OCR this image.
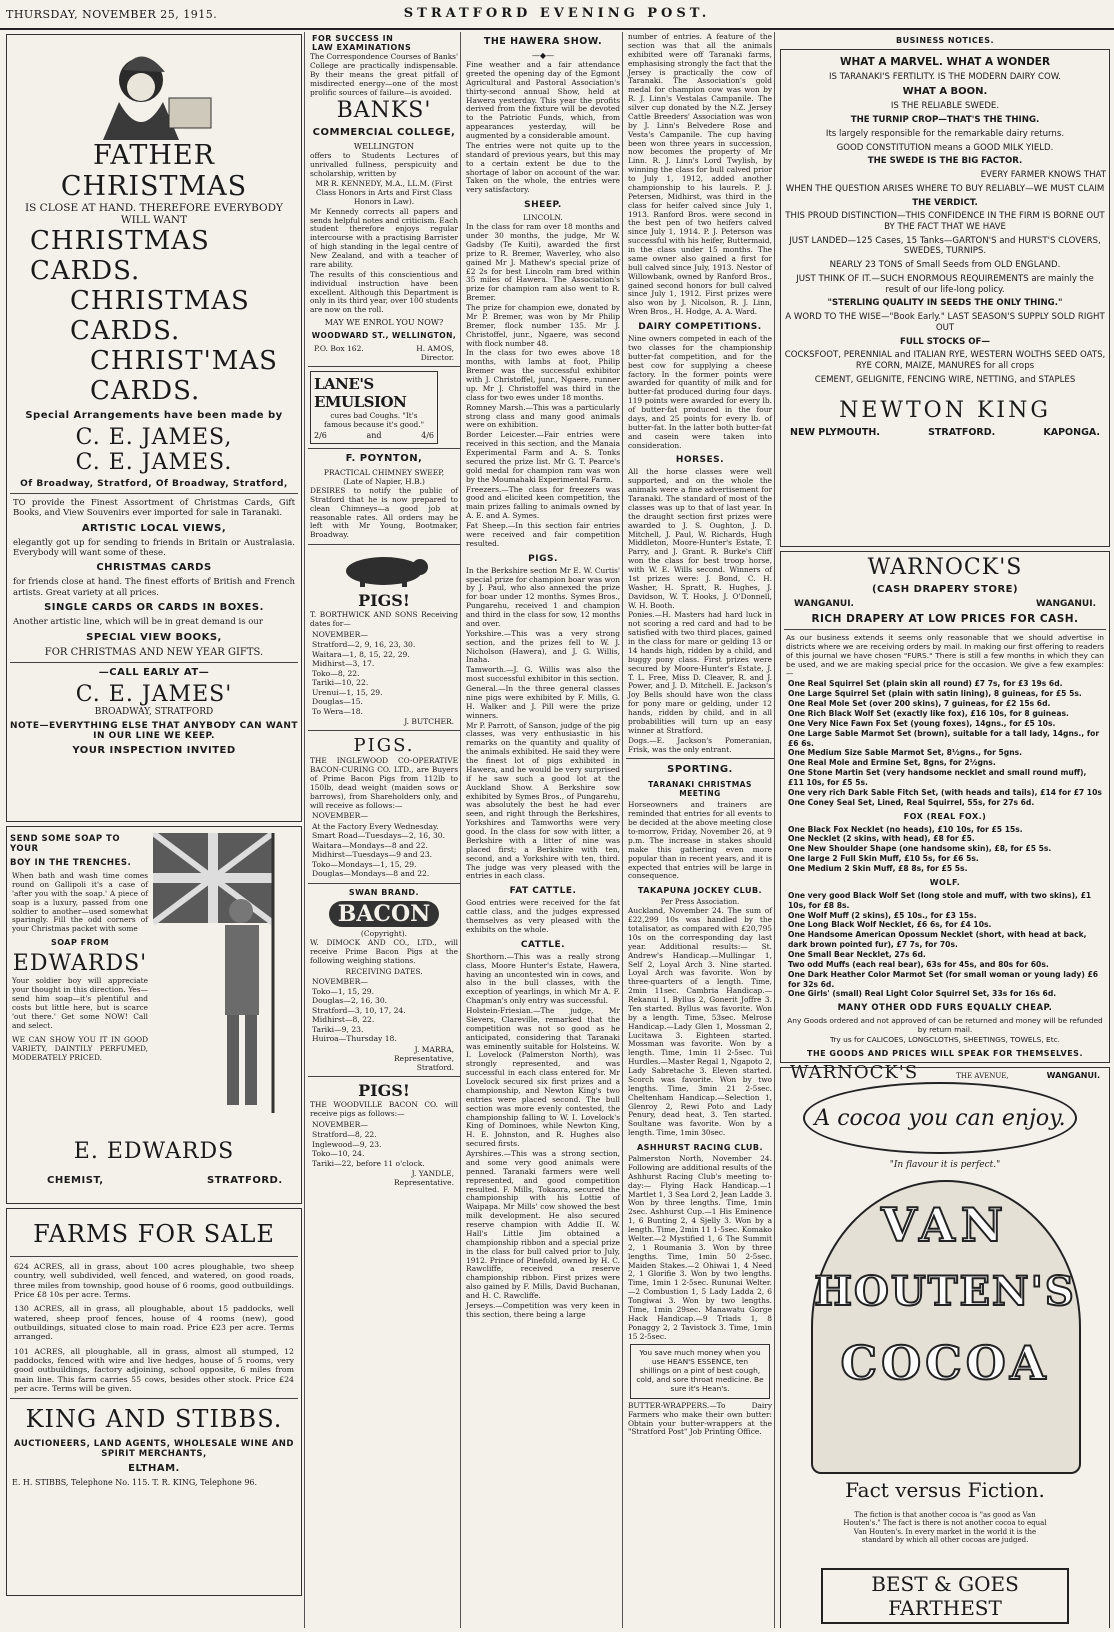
THURSDAY, NOVEMBER 25, 1915.	STRATFORD EVENING POST.
FATHER CHRISTMAS
IS CLOSE AT HAND. THEREFORE EVERYBODY
WILL WANT
CHRISTMAS CARDS.
CHRISTMAS CARDS.
CHRIST'MAS CARDS.
Special Arrangements have been made by
C. E. JAMES,
C. E. JAMES.
Of Broadway, Stratford, Of Broadway, Stratford,
TO provide the Finest Assortment of Christmas Cards, Gift Books, and View Souvenirs ever imported for sale in Taranaki.
ARTISTIC LOCAL VIEWS,
elegantly got up for sending to friends in Britain or Australasia. Everybody will want some of these.
CHRISTMAS CARDS
for friends close at hand. The finest efforts of British and French artists. Great variety at all prices.
SINGLE CARDS OR CARDS IN BOXES.
Another artistic line, which will be in great demand is our
SPECIAL VIEW BOOKS,
FOR CHRISTMAS AND NEW YEAR GIFTS.
—CALL EARLY AT—
C. E. JAMES'
BROADWAY, STRATFORD
NOTE—EVERYTHING ELSE THAT ANYBODY CAN WANT IN OUR LINE WE KEEP.
YOUR INSPECTION INVITED
SEND SOME SOAP TO YOUR
BOY IN THE TRENCHES.
When bath and wash time comes round on Gallipoli it's a case of 'after you with the soap.' A piece of soap is a luxury, passed from one soldier to another—used somewhat sparingly. Fill the odd corners of your Christmas packet with some
SOAP FROM
EDWARDS'
Your soldier boy will appreciate your thought in this direction. Yes—send him soap—it's plentiful and costs but little here, but is scarce 'out there.' Get some NOW! Call and select.
WE CAN SHOW YOU IT IN GOOD VARIETY, DAINTILY PERFUMED, MODERATELY PRICED.
E. EDWARDS
CHEMIST,	STRATFORD.
FARMS FOR SALE
624 ACRES, all in grass, about 100 acres ploughable, two sheep country, well subdivided, well fenced, and watered, on good roads, three miles from township, good house of 6 rooms, good outbuildings. Price £8 10s per acre. Terms.
130 ACRES, all in grass, all ploughable, about 15 paddocks, well watered, sheep proof fences, house of 4 rooms (new), good outbuildings, situated close to main road. Price £23 per acre. Terms arranged.
101 ACRES, all ploughable, all in grass, almost all stumped, 12 paddocks, fenced with wire and live hedges, house of 5 rooms, very good outbuildings, factory adjoining, school opposite, 6 miles from main line. This farm carries 55 cows, besides other stock. Price £24 per acre. Terms will be given.
KING AND STIBBS.
AUCTIONEERS, LAND AGENTS, WHOLESALE WINE AND SPIRIT MERCHANTS,
ELTHAM.
E. H. STIBBS, Telephone No. 115. T. R. KING, Telephone 96.
FOR SUCCESS IN
LAW EXAMINATIONS
The Correspondence Courses of Banks' College are practically indispensable. By their means the great pitfall of misdirected energy—one of the most prolific sources of failure—is avoided.
BANKS'
COMMERCIAL COLLEGE,
WELLINGTON
offers to Students Lectures of unrivalled fullness, perspicuity and scholarship, written by
MR R. KENNEDY, M.A., LL.M. (First Class Honors in Arts and First Class Honors in Law).
Mr Kennedy corrects all papers and sends helpful notes and criticism. Each student therefore enjoys regular intercourse with a practising Barrister of high standing in the legal centre of New Zealand, and with a teacher of rare ability.
The results of this conscientious and individual instruction have been excellent. Although this Department is only in its third year, over 100 students are now on the roll.
MAY WE ENROL YOU NOW?
WOODWARD ST., WELLINGTON,
P.O. Box 162.	H. AMOS,
Director.
LANE'S EMULSION
cures bad Coughs. "It's famous because it's good."
2/6	and	4/6
F. POYNTON,
PRACTICAL CHIMNEY SWEEP,
(Late of Napier, H.B.)
DESIRES to notify the public of Stratford that he is now prepared to clean Chimneys—a good job at reasonable rates. All orders may be left with Mr Young, Bootmaker, Broadway.
PIGS!
T. BORTHWICK AND SONS Receiving dates for—
NOVEMBER—
Stratford—2, 9, 16, 23, 30.
Waitara—1, 8, 15, 22, 29.
Midhirst—3, 17.
Toko—8, 22.
Tariki—10, 22.
Urenui—1, 15, 29.
Douglas—15.
To Wera—18.
J. BUTCHER.
PIGS.
THE INGLEWOOD CO-OPERATIVE BACON-CURING CO. LTD., are Buyers of Prime Bacon Pigs from 112lb to 150lb, dead weight (maiden sows or barrows), from Shareholders only, and will receive as follows:—
NOVEMBER—
At the Factory Every Wednesday.
Smart Road—Tuesdays—2, 16, 30.
Waitara—Mondays—8 and 22.
Midhirst—Tuesdays—9 and 23.
Toko—Mondays—1, 15, 29.
Douglas—Mondays—8 and 22.
SWAN BRAND.
BACON
(Copyright).
W. DIMOCK AND CO., LTD., will receive Prime Bacon Pigs at the following weighing stations.
RECEIVING DATES.
NOVEMBER—
Toko—1, 15, 29.
Douglas—2, 16, 30.
Stratford—3, 10, 17, 24.
Midhirst—8, 22.
Tariki—9, 23.
Huiroa—Thursday 18.
J. MARRA,
Representative,
Stratford.
PIGS!
THE WOODVILLE BACON CO. will receive pigs as follows:—
NOVEMBER—
Stratford—8, 22.
Inglewood—9, 23.
Toko—10, 24.
Tariki—22, before 11 o'clock.
J. YANDLE,
Representative.
THE HAWERA SHOW.
—◆—
Fine weather and a fair attendance greeted the opening day of the Egmont Agricultural and Pastoral Association's thirty-second annual Show, held at Hawera yesterday. This year the profits derived from the fixture will be devoted to the Patriotic Funds, which, from appearances yesterday, will be augmented by a considerable amount.
The entries were not quite up to the standard of previous years, but this may to a certain extent be due to the shortage of labor on account of the war. Taken on the whole, the entries were very satisfactory.
SHEEP.
LINCOLN.
In the class for ram over 18 months and under 30 months, the judge, Mr W. Gadsby (Te Kuiti), awarded the first prize to R. Bremer, Waverley, who also gained Mr J. Mathew's special prize of £2 2s for best Lincoln ram bred within 35 miles of Hawera. The Association's prize for champion ram also went to R. Bremer.
The prize for champion ewe, donated by Mr P. Bremer, was won by Mr Philip Bremer, flock number 135. Mr J. Christoffel, junr., Ngaere, was second with flock number 48.
In the class for two ewes above 18 months, with lambs at foot, Philip Bremer was the successful exhibitor with J. Christoffel, junr., Ngaere, runner up. Mr J. Christoffel was third in the class for two ewes under 18 months.
Romney Marsh.—This was a particularly strong class and many good animals were on exhibition.
Border Leicester.—Fair entries were received in this section, and the Manaia Experimental Farm and A. S. Tonks secured the prize list. Mr G. T. Pearce's gold medal for champion ram was won by the Moumahaki Experimental Farm.
Freezers.—The class for freezers was good and elicited keen competition, the main prizes falling to animals owned by A. E. and A. Symes.
Fat Sheep.—In this section fair entries were received and fair competition resulted.
PIGS.
In the Berkshire section Mr E. W. Curtis' special prize for champion boar was won by J. Paul, who also annexed the prize for boar under 12 months. Symes Bros., Pungarehu, received 1 and champion and third in the class for sow, 12 months and over.
Yorkshire.—This was a very strong section, and the prizes fell to W. J. Nicholson (Hawera), and J. G. Willis, Inaha.
Tamworth.—J. G. Willis was also the most successful exhibitor in this section.
General.—In the three general classes nine pigs were exhibited by F. Mills, G. H. Walker and J. Pill were the prize winners.
Mr P. Parrott, of Sanson, judge of the pig classes, was very enthusiastic in his remarks on the quantity and quality of the animals exhibited. He said they were the finest lot of pigs exhibited in Hawera, and he would be very surprised if he saw such a good lot at the Auckland Show. A Berkshire sow exhibited by Symes Bros., of Pungarehu, was absolutely the best he had ever seen, and right through the Berkshires, Yorkshires and Tamworths were very good. In the class for sow with litter, a Berkshire with a litter of nine was placed first; a Berkshire with ten, second, and a Yorkshire with ten, third. The judge was very pleased with the entries in each class.
FAT CATTLE.
Good entries were received for the fat cattle class, and the judges expressed themselves as very pleased with the exhibits on the whole.
CATTLE.
Shorthorn.—This was a really strong class, Moore Hunter's Estate, Hawera, having an uncontested win in cows, and also in the bull classes, with the exception of yearlings, in which Mr A. F. Chapman's only entry was successful.
Holstein-Friesian.—The judge, Mr Sievers, Clareville, remarked that the competition was not so good as he anticipated, considering that Taranaki was eminently suitable for Holsteins. W. I. Lovelock (Palmerston North), was strongly represented, and was successful in each class entered for. Mr Lovelock secured six first prizes and a championship, and Newton King's two entries were placed second. The bull section was more evenly contested, the championship falling to W. I. Lovelock's King of Dominoes, while Newton King, H. E. Johnston, and R. Hughes also secured firsts.
Ayrshires.—This was a strong section, and some very good animals were penned. Taranaki farmers were well represented, and good competition resulted. F. Mills, Tokaora, secured the championship with his Lottie of Waipapa. Mr Mills' cow showed the best milk development. He also secured reserve champion with Addie II. W. Hall's Little Jim obtained a championship ribbon and a special prize in the class for bull calved prior to July, 1912. Prince of Pinefold, owned by H. C. Rawcliffe, received a reserve championship ribbon. First prizes were also gained by F. Mills, David Buchanan, and H. C. Rawcliffe.
Jerseys.—Competition was very keen in this section, there being a large
number of entries. A feature of the section was that all the animals exhibited were off Taranaki farms, emphasising strongly the fact that the Jersey is practically the cow of Taranaki. The Association's gold medal for champion cow was won by R. J. Linn's Vestalas Campanile. The silver cup donated by the N.Z. Jersey Cattle Breeders' Association was won by J. Linn's Belvedere Rose and Vesta's Campanile. The cup having been won three years in succession, now becomes the property of Mr Linn. R. J. Linn's Lord Twylish, by winning the class for bull calved prior to July 1, 1912, added another championship to his laurels. P. J. Petersen, Midhirst, was third in the class for heifer calved since July 1, 1913. Ranford Bros. were second in the best pen of two heifers calved since July 1, 1914. P. J. Peterson was successful with his heifer, Buttermaid, in the class under 15 months. The same owner also gained a first for bull calved since July, 1913. Nestor of Willowbank, owned by Ranford Bros., gained second honors for bull calved since July 1, 1912. First prizes were also won by J. Nicolson, R. J. Linn, Wren Bros., H. Hodge, A. A. Ward.
DAIRY COMPETITIONS.
Nine owners competed in each of the two classes for the championship butter-fat competition, and for the best cow for supplying a cheese factory. In the former points were awarded for quantity of milk and for butter-fat produced during four days. 119 points were awarded for every lb. of butter-fat produced in the four days, and 25 points for every lb. of butter-fat. In the latter both butter-fat and casein were taken into consideration.
HORSES.
All the horse classes were well supported, and on the whole the animals were a fine advertisement for Taranaki. The standard of most of the classes was up to that of last year. In the draught section first prizes were awarded to J. S. Oughton, J. D. Mitchell, J. Paul, W. Richards, Hugh Middleton, Moore-Hunter's Estate, T. Parry, and J. Grant. R. Burke's Cliff won the class for best troop horse, with W. E. Wills second. Winners of 1st prizes were: J. Bond, C. H. Washer, H. Spratt, R. Hughes, J. Davidson, W. T. Hooks, J. O'Donnell, W. H. Booth.
Ponies.—H. Masters had hard luck in not scoring a red card and had to be satisfied with two third places, gained in the class for mare or gelding 13 or 14 hands high, ridden by a child, and buggy pony class. First prizes were secured by Moore-Hunter's Estate, J. T. L. Free, Miss D. Cleaver, R. and J. Power, and J. D. Mitchell. E. Jackson's Joy Bells should have won the class for pony mare or gelding, under 12 hands, ridden by child, and in all probabilities will turn up an easy winner at Stratford.
Dogs.—E. Jackson's Pomeranian, Frisk, was the only entrant.
SPORTING.
TARANAKI CHRISTMAS MEETING
Horseowners and trainers are reminded that entries for all events to be decided at the above meeting close to-morrow, Friday, November 26, at 9 p.m. The increase in stakes should make this gathering even more popular than in recent years, and it is expected that entries will be large in consequence.
TAKAPUNA JOCKEY CLUB.
Per Press Association.
Auckland, November 24. The sum of £22,299 10s was handled by the totalisator, as compared with £20,795 10s on the corresponding day last year. Additional results:— St. Andrew's Handicap.—Mullingar 1, Self 2, Loyal Arch 3. Nine started. Loyal Arch was favorite. Won by three-quarters of a length. Time, 2min 11sec. Cambria Handicap.—Rekanui 1, Byllus 2, Gonerit Joffre 3. Ten started. Byllus was favorite. Won by a length. Time, 53sec. Melrose Handicap.—Lady Glen 1, Mossman 2, Lucitawa 3. Eighteen started. Mossman was favorite. Won by a length. Time, 1min 1l 2-5sec. Tui Hurdles.—Master Regal 1, Ngapoto 2, Lady Sabretache 3. Eleven started. Scorch was favorite. Won by two lengths. Time, 3min 21 2-5sec. Cheltenham Handicap.—Selection 1, Glenroy 2, Rewi Poto and Lady Penury, dead heat, 3. Ten started. Soultane was favorite. Won by a length. Time, 1min 30sec.
ASHHURST RACING CLUB.
Palmerston North, November 24. Following are additional results of the Ashhurst Racing Club's meeting to-day:— Flying Hack Handicap.—1 Martlet 1, 3 Sea Lord 2, Jean Ladde 3. Won by three lengths. Time, 1min 2sec. Ashhurst Cup.—1 His Eminence 1, 6 Bunting 2, 4 Sjelly 3. Won by a length. Time, 2min 11 1-5sec. Komako Welter.—2 Mystified 1, 6 The Summit 2, 1 Roumania 3. Won by three lengths. Time, 1min 50 2-5sec. Maiden Stakes.—2 Ohiwai 1, 4 Need 2, 1 Glorifie 3. Won by two lengths. Time, 1min 1 2-5sec. Rununai Welter.—2 Combustion 1, 5 Lady Ladda 2, 6 Tongiwai 3. Won by two lengths. Time, 1min 29sec. Manawatu Gorge Hack Handicap.—9 Triads 1, 8 Ponaggy 2, 2 Tavistock 3. Time, 1min 15 2-5sec.
You save much money when you use HEAN'S ESSENCE, ten shillings on a pint of best cough, cold, and sore throat medicine. Be sure it's Hean's.
BUTTER-WRAPPERS.—To Dairy Farmers who make their own butter: Obtain your butter-wrappers at the "Stratford Post" Job Printing Office.
BUSINESS NOTICES.
WHAT A MARVEL. WHAT A WONDER
IS TARANAKI'S FERTILITY. IS THE MODERN DAIRY COW.
WHAT A BOON.
IS THE RELIABLE SWEDE.
THE TURNIP CROP—THAT'S THE THING.
Its largely responsible for the remarkable dairy returns.
GOOD CONSTITUTION means a GOOD MILK YIELD.
THE SWEDE IS THE BIG FACTOR.
EVERY FARMER KNOWS THAT
WHEN THE QUESTION ARISES WHERE TO BUY RELIABLY—WE MUST CLAIM
THE VERDICT.
THIS PROUD DISTINCTION—THIS CONFIDENCE IN THE FIRM IS BORNE OUT BY THE FACT THAT WE HAVE
JUST LANDED—125 Cases, 15 Tanks—GARTON'S and HURST'S CLOVERS, SWEDES, TURNIPS.
NEARLY 23 TONS of Small Seeds from OLD ENGLAND.
JUST THINK OF IT.—SUCH ENORMOUS REQUIREMENTS are mainly the result of our life-long policy.
"STERLING QUALITY IN SEEDS THE ONLY THING."
A WORD TO THE WISE—"Book Early." LAST SEASON'S SUPPLY SOLD RIGHT OUT
FULL STOCKS OF—
COCKSFOOT, PERENNIAL and ITALIAN RYE, WESTERN WOLTHS SEED OATS, RYE CORN, MAIZE, MANURES for all crops
CEMENT, GELIGNITE, FENCING WIRE, NETTING, and STAPLES
NEWTON KING
NEW PLYMOUTH.	STRATFORD.	KAPONGA.
WARNOCK'S
(CASH DRAPERY STORE)
WANGANUI.	WANGANUI.
RICH DRAPERY AT LOW PRICES FOR CASH.
As our business extends it seems only reasonable that we should advertise in districts where we are receiving orders by mail. In making our first offering to readers of this journal we have chosen "FURS." There is still a few months in which they can be used, and we are making special price for the occasion. We give a few examples:—
One Real Squirrel Set (plain skin all round) £7 7s, for £3 19s 6d.
One Large Squirrel Set (plain with satin lining), 8 guineas, for £5 5s.
One Real Mole Set (over 200 skins), 7 guineas, for £2 15s 6d.
One Rich Black Wolf Set (exactly like fox), £16 10s, for 8 guineas.
One Very Nice Fawn Fox Set (young foxes), 14gns., for £5 10s.
One Large Sable Marmot Set (brown), suitable for a tall lady, 14gns., for £6 6s.
One Medium Size Sable Marmot Set, 8½gns., for 5gns.
One Real Mole and Ermine Set, 8gns, for 2½gns.
One Stone Martin Set (very handsome necklet and small round muff), £11 10s, for £5 5s.
One very rich Dark Sable Fitch Set, (with heads and tails), £14 for £7 10s
One Coney Seal Set, Lined, Real Squirrel, 55s, for 27s 6d.
FOX (REAL FOX.)
One Black Fox Necklet (no heads), £10 10s, for £5 15s.
One Necklet (2 skins, with head), £8 for £5.
One New Shoulder Shape (one handsome skin), £8, for £5 5s.
One large 2 Full Skin Muff, £10 5s, for £6 5s.
One Medium 2 Skin Muff, £8 8s, for £5 5s.
WOLF.
One very good Black Wolf Set (long stole and muff, with two skins), £1 10s, for £8 8s.
One Wolf Muff (2 skins), £5 10s., for £3 15s.
One Long Black Wolf Necklet, £6 6s, for £4 10s.
One Handsome American Opossum Necklet (short, with head at back, dark brown pointed fur), £7 7s, for 70s.
One Small Bear Necklet, 27s 6d.
Two odd Muffs (each real bear), 63s for 45s, and 80s for 60s.
One Dark Heather Color Marmot Set (for small woman or young lady) £6 for 32s 6d.
One Girls' (small) Real Light Color Squirrel Set, 33s for 16s 6d.
MANY OTHER ODD FURS EQUALLY CHEAP.
Any Goods ordered and not approved of can be returned and money will be refunded by return mail.
Try us for CALICOES, LONGCLOTHS, SHEETINGS, TOWELS, Etc.
THE GOODS AND PRICES WILL SPEAK FOR THEMSELVES.
WARNOCK'S	THE AVENUE,	WANGANUI.
A cocoa you can enjoy.
"In flavour it is perfect."
VAN
HOUTEN'S
COCOA
Fact versus Fiction.
The fiction is that another cocoa is "as good as Van Houten's." The fact is there is not another cocoa to equal Van Houten's. In every market in the world it is the standard by which all other cocoas are judged.
BEST & GOES FARTHEST
